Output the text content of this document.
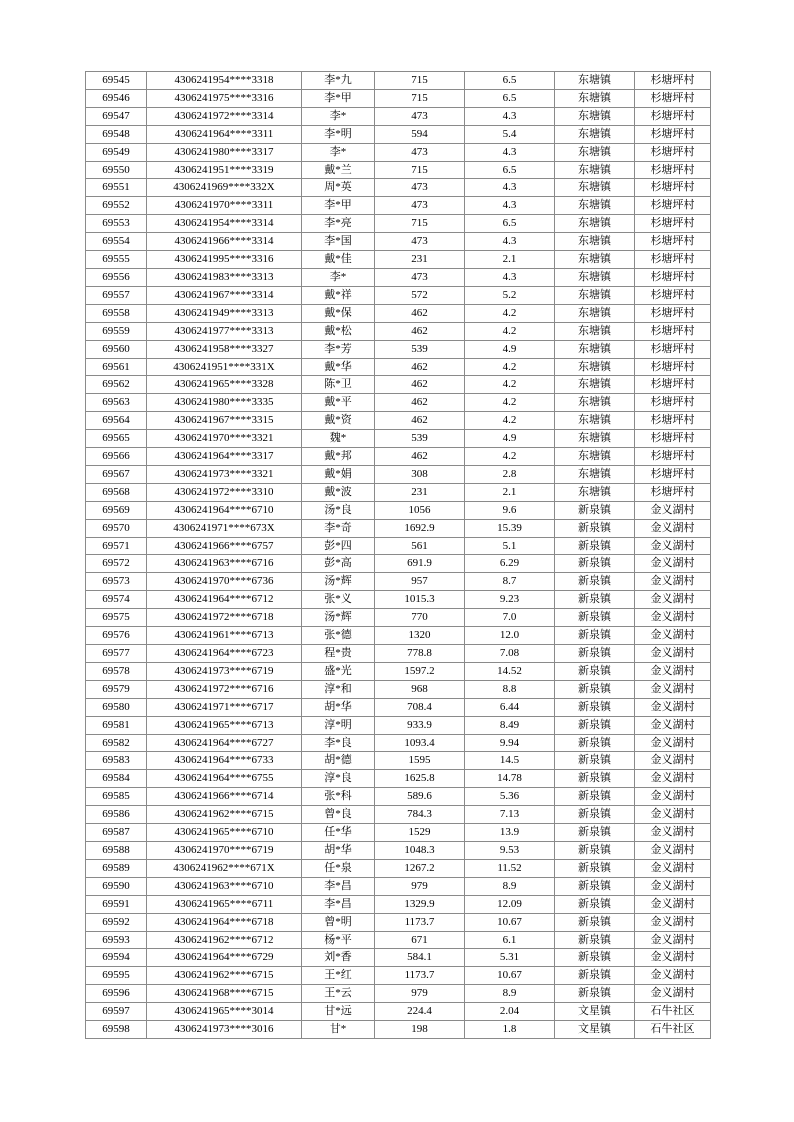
69545	4306241954****3318	李*九	715	6.5	东塘镇	杉塘坪村
69546	4306241975****3316	李*甲	715	6.5	东塘镇	杉塘坪村
69547	4306241972****3314	李*	473	4.3	东塘镇	杉塘坪村
69548	4306241964****3311	李*明	594	5.4	东塘镇	杉塘坪村
69549	4306241980****3317	李*	473	4.3	东塘镇	杉塘坪村
69550	4306241951****3319	戴*兰	715	6.5	东塘镇	杉塘坪村
69551	4306241969****332X	周*英	473	4.3	东塘镇	杉塘坪村
69552	4306241970****3311	李*甲	473	4.3	东塘镇	杉塘坪村
69553	4306241954****3314	李*亮	715	6.5	东塘镇	杉塘坪村
69554	4306241966****3314	李*国	473	4.3	东塘镇	杉塘坪村
69555	4306241995****3316	戴*佳	231	2.1	东塘镇	杉塘坪村
69556	4306241983****3313	李*	473	4.3	东塘镇	杉塘坪村
69557	4306241967****3314	戴*祥	572	5.2	东塘镇	杉塘坪村
69558	4306241949****3313	戴*保	462	4.2	东塘镇	杉塘坪村
69559	4306241977****3313	戴*松	462	4.2	东塘镇	杉塘坪村
69560	4306241958****3327	李*芳	539	4.9	东塘镇	杉塘坪村
69561	4306241951****331X	戴*华	462	4.2	东塘镇	杉塘坪村
69562	4306241965****3328	陈*卫	462	4.2	东塘镇	杉塘坪村
69563	4306241980****3335	戴*平	462	4.2	东塘镇	杉塘坪村
69564	4306241967****3315	戴*资	462	4.2	东塘镇	杉塘坪村
69565	4306241970****3321	魏*	539	4.9	东塘镇	杉塘坪村
69566	4306241964****3317	戴*邦	462	4.2	东塘镇	杉塘坪村
69567	4306241973****3321	戴*娟	308	2.8	东塘镇	杉塘坪村
69568	4306241972****3310	戴*波	231	2.1	东塘镇	杉塘坪村
69569	4306241964****6710	汤*良	1056	9.6	新泉镇	金义湖村
69570	4306241971****673X	李*奇	1692.9	15.39	新泉镇	金义湖村
69571	4306241966****6757	彭*四	561	5.1	新泉镇	金义湖村
69572	4306241963****6716	彭*高	691.9	6.29	新泉镇	金义湖村
69573	4306241970****6736	汤*辉	957	8.7	新泉镇	金义湖村
69574	4306241964****6712	张*义	1015.3	9.23	新泉镇	金义湖村
69575	4306241972****6718	汤*辉	770	7.0	新泉镇	金义湖村
69576	4306241961****6713	张*德	1320	12.0	新泉镇	金义湖村
69577	4306241964****6723	程*贵	778.8	7.08	新泉镇	金义湖村
69578	4306241973****6719	盛*光	1597.2	14.52	新泉镇	金义湖村
69579	4306241972****6716	淳*和	968	8.8	新泉镇	金义湖村
69580	4306241971****6717	胡*华	708.4	6.44	新泉镇	金义湖村
69581	4306241965****6713	淳*明	933.9	8.49	新泉镇	金义湖村
69582	4306241964****6727	李*良	1093.4	9.94	新泉镇	金义湖村
69583	4306241964****6733	胡*德	1595	14.5	新泉镇	金义湖村
69584	4306241964****6755	淳*良	1625.8	14.78	新泉镇	金义湖村
69585	4306241966****6714	张*科	589.6	5.36	新泉镇	金义湖村
69586	4306241962****6715	曾*良	784.3	7.13	新泉镇	金义湖村
69587	4306241965****6710	任*华	1529	13.9	新泉镇	金义湖村
69588	4306241970****6719	胡*华	1048.3	9.53	新泉镇	金义湖村
69589	4306241962****671X	任*泉	1267.2	11.52	新泉镇	金义湖村
69590	4306241963****6710	李*昌	979	8.9	新泉镇	金义湖村
69591	4306241965****6711	李*昌	1329.9	12.09	新泉镇	金义湖村
69592	4306241964****6718	曾*明	1173.7	10.67	新泉镇	金义湖村
69593	4306241962****6712	杨*平	671	6.1	新泉镇	金义湖村
69594	4306241964****6729	刘*香	584.1	5.31	新泉镇	金义湖村
69595	4306241962****6715	王*红	1173.7	10.67	新泉镇	金义湖村
69596	4306241968****6715	王*云	979	8.9	新泉镇	金义湖村
69597	4306241965****3014	甘*远	224.4	2.04	文星镇	石牛社区
69598	4306241973****3016	甘*	198	1.8	文星镇	石牛社区
